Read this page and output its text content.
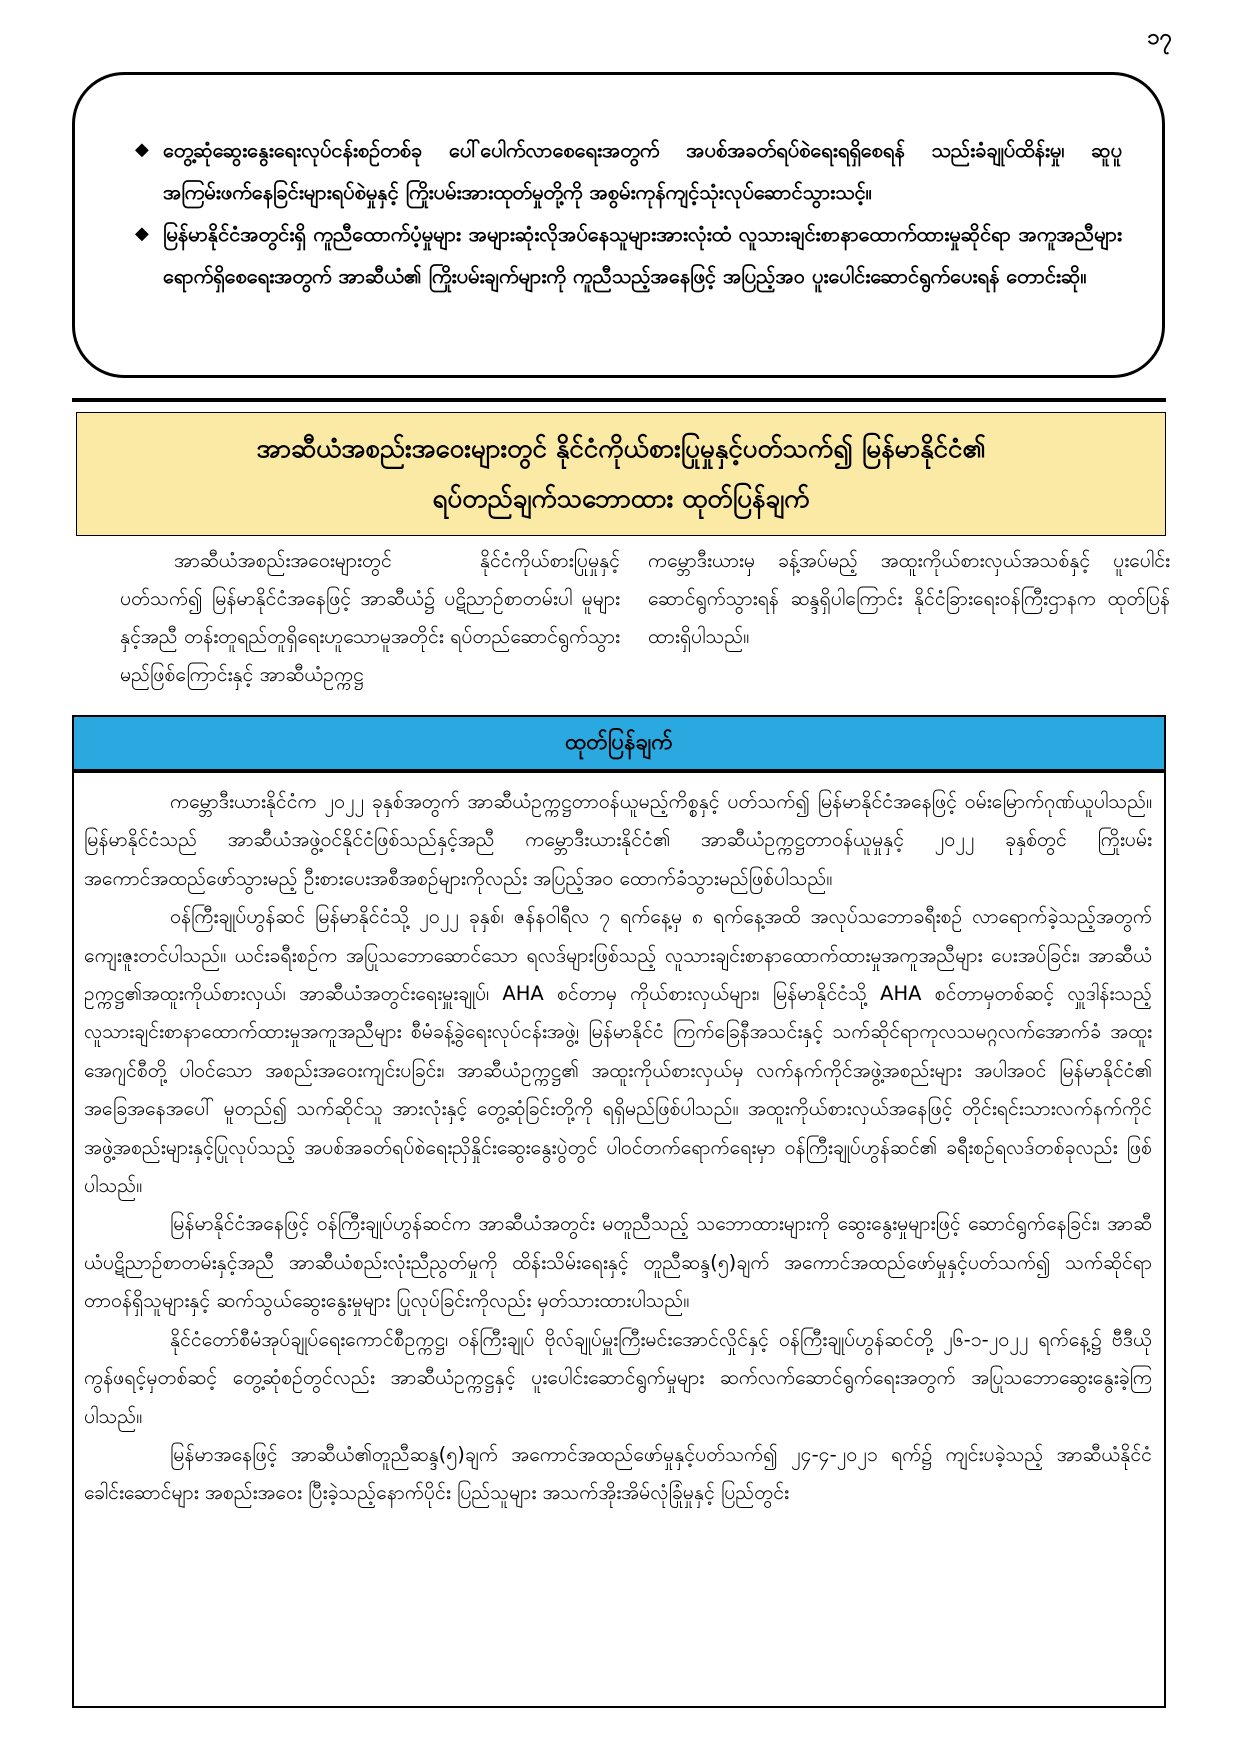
၁၇
◆ တွေ့ဆုံဆွေးနွေးရေးလုပ်ငန်းစဉ်တစ်ခု ပေါ်ပေါက်လာစေရေးအတွက် အပစ်အခတ်ရပ်စဲရေးရရှိစေရန် သည်းခံချုပ်ထိန်းမှု၊ ဆူပူအကြမ်းဖက်နေခြင်းများရပ်စဲမှုနှင့် ကြိုးပမ်းအားထုတ်မှုတို့ကို အစွမ်းကုန်ကျင့်သုံးလုပ်ဆောင်သွားသင့်။
◆ မြန်မာနိုင်ငံအတွင်းရှိ ကူညီထောက်ပံ့မှုများ အများဆုံးလိုအပ်နေသူများအားလုံးထံ လူသားချင်းစာနာထောက်ထားမှုဆိုင်ရာ အကူအညီများ ရောက်ရှိစေရေးအတွက် အာဆီယံ၏ ကြိုးပမ်းချက်များကို ကူညီသည့်အနေဖြင့် အပြည့်အဝ ပူးပေါင်းဆောင်ရွက်ပေးရန် တောင်းဆို။
အာဆီယံအစည်းအဝေးများတွင် နိုင်ငံကိုယ်စားပြုမှုနှင့်ပတ်သက်၍ မြန်မာနိုင်ငံ၏
ရပ်တည်ချက်သဘောထား ထုတ်ပြန်ချက်
အာဆီယံအစည်းအဝေးများတွင် နိုင်ငံကိုယ်စားပြုမှုနှင့်ပတ်သက်၍ မြန်မာနိုင်ငံအနေဖြင့် အာဆီယံ၌ ပဋိညာဉ်စာတမ်းပါ မူများနှင့်အညီ တန်းတူရည်တူရှိရေးဟူသောမူအတိုင်း ရပ်တည်ဆောင်ရွက်သွားမည်ဖြစ်ကြောင်းနှင့် အာဆီယံဥက္ကဋ္ဌ
ကမ္ဘောဒီးယားမှ ခန့်အပ်မည့် အထူးကိုယ်စားလှယ်အသစ်နှင့် ပူးပေါင်းဆောင်ရွက်သွားရန် ဆန္ဒရှိပါကြောင်း နိုင်ငံခြားရေးဝန်ကြီးဌာနက ထုတ်ပြန်ထားရှိပါသည်။
ထုတ်ပြန်ချက်

ကမ္ဘောဒီးယားနိုင်ငံက ၂၀၂၂ ခုနှစ်အတွက် အာဆီယံဥက္ကဋ္ဌတာဝန်ယူမည့်ကိစ္စနှင့် ပတ်သက်၍ မြန်မာနိုင်ငံအနေဖြင့် ဝမ်းမြောက်ဂုဏ်ယူပါသည်။ မြန်မာနိုင်ငံသည် အာဆီယံအဖွဲ့ဝင်နိုင်ငံဖြစ်သည်နှင့်အညီ ကမ္ဘောဒီးယားနိုင်ငံ၏ အာဆီယံဥက္ကဋ္ဌတာဝန်ယူမှုနှင့် ၂၀၂၂ ခုနှစ်တွင် ကြိုးပမ်းအကောင်အထည်ဖော်သွားမည့် ဦးစားပေးအစီအစဉ်များကိုလည်း အပြည့်အဝ ထောက်ခံသွားမည်ဖြစ်ပါသည်။

ဝန်ကြီးချုပ်ဟွန်ဆင် မြန်မာနိုင်ငံသို့ ၂၀၂၂ ခုနှစ်၊ ဇန်နဝါရီလ ၇ ရက်နေ့မှ ၈ ရက်နေ့အထိ အလုပ်သဘောခရီးစဉ် လာရောက်ခဲ့သည့်အတွက် ကျေးဇူးတင်ပါသည်။ ယင်းခရီးစဉ်က အပြုသဘောဆောင်သော ရလဒ်များဖြစ်သည့် လူသားချင်းစာနာထောက်ထားမှုအကူအညီများ ပေးအပ်ခြင်း၊ အာဆီယံဥက္ကဋ္ဌ၏အထူးကိုယ်စားလှယ်၊ အာဆီယံအတွင်းရေးမှူးချုပ်၊ AHA စင်တာမှ ကိုယ်စားလှယ်များ၊ မြန်မာနိုင်ငံသို့ AHA စင်တာမှတစ်ဆင့် လှူဒါန်းသည့် လူသားချင်းစာနာထောက်ထားမှုအကူအညီများ စီမံခန့်ခွဲရေးလုပ်ငန်းအဖွဲ့၊ မြန်မာနိုင်ငံ ကြက်ခြေနီအသင်းနှင့် သက်ဆိုင်ရာကုလသမဂ္ဂလက်အောက်ခံ အထူးအေဂျင်စီတို့ ပါဝင်သော အစည်းအဝေးကျင်းပခြင်း၊ အာဆီယံဥက္ကဋ္ဌ၏ အထူးကိုယ်စားလှယ်မှ လက်နက်ကိုင်အဖွဲ့အစည်းများ အပါအဝင် မြန်မာနိုင်ငံ၏ အခြေအနေအပေါ် မူတည်၍ သက်ဆိုင်သူ အားလုံးနှင့် တွေ့ဆုံခြင်းတို့ကို ရရှိမည်ဖြစ်ပါသည်။ အထူးကိုယ်စားလှယ်အနေဖြင့် တိုင်းရင်းသားလက်နက်ကိုင်အဖွဲ့အစည်းများနှင့်ပြုလုပ်သည့် အပစ်အခတ်ရပ်စဲရေးညှိနှိုင်းဆွေးနွေးပွဲတွင် ပါဝင်တက်ရောက်ရေးမှာ ဝန်ကြီးချုပ်ဟွန်ဆင်၏ ခရီးစဉ်ရလဒ်တစ်ခုလည်း ဖြစ်ပါသည်။

မြန်မာနိုင်ငံအနေဖြင့် ဝန်ကြီးချုပ်ဟွန်ဆင်က အာဆီယံအတွင်း မတူညီသည့် သဘောထားများကို ဆွေးနွေးမှုများဖြင့် ဆောင်ရွက်နေခြင်း၊ အာဆီယံပဋိညာဉ်စာတမ်းနှင့်အညီ အာဆီယံစည်းလုံးညီညွတ်မှုကို ထိန်းသိမ်းရေးနှင့် တူညီဆန္ဒ(၅)ချက် အကောင်အထည်ဖော်မှုနှင့်ပတ်သက်၍ သက်ဆိုင်ရာတာဝန်ရှိသူများနှင့် ဆက်သွယ်ဆွေးနွေးမှုများ ပြုလုပ်ခြင်းကိုလည်း မှတ်သားထားပါသည်။

နိုင်ငံတော်စီမံအုပ်ချုပ်ရေးကောင်စီဥက္ကဋ္ဌ၊ ဝန်ကြီးချုပ် ဗိုလ်ချုပ်မှူးကြီးမင်းအောင်လှိုင်နှင့် ဝန်ကြီးချုပ်ဟွန်ဆင်တို့ ၂၆-၁-၂၀၂၂ ရက်နေ့၌ ဗီဒီယိုကွန်ဖရင့်မှတစ်ဆင့် တွေ့ဆုံစဉ်တွင်လည်း အာဆီယံဥက္ကဋ္ဌနှင့် ပူးပေါင်းဆောင်ရွက်မှုများ ဆက်လက်ဆောင်ရွက်ရေးအတွက် အပြုသဘောဆွေးနွေးခဲ့ကြပါသည်။

မြန်မာအနေဖြင့် အာဆီယံ၏တူညီဆန္ဒ(၅)ချက် အကောင်အထည်ဖော်မှုနှင့်ပတ်သက်၍ ၂၄-၄-၂၀၂၁ ရက်၌ ကျင်းပခဲ့သည့် အာဆီယံနိုင်ငံခေါင်းဆောင်များ အစည်းအဝေး ပြီးခဲ့သည့်နောက်ပိုင်း ပြည်သူများ အသက်အိုးအိမ်လုံခြုံမှုနှင့် ပြည်တွင်း
